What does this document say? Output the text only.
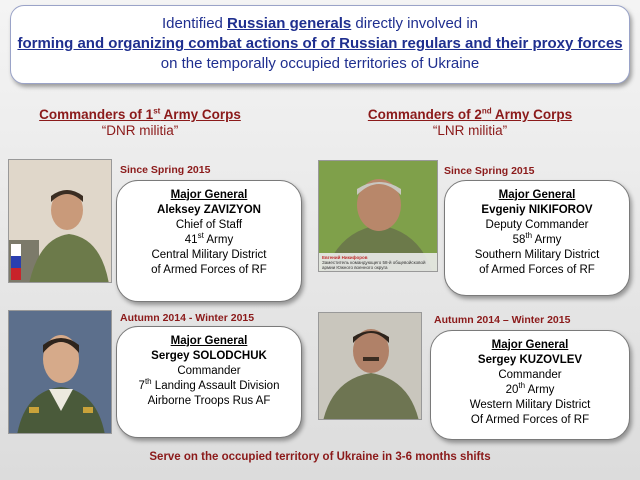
Identified Russian generals directly involved in
forming and organizing combat actions of of Russian regulars and their proxy forces on the temporally occupied territories of Ukraine
Commanders of 1st Army Corps
“DNR militia”
Commanders of 2nd Army Corps
“LNR militia”
Since Spring 2015
Major General
Aleksey ZAVIZYON
Chief of Staff
41st Army
Central Military District
of Armed Forces of RF
Autumn 2014 - Winter 2015
Major General
Sergey SOLODCHUK
Commander
7th Landing Assault Division
Airborne Troops Rus AF
Since Spring 2015
Евгений Никифоров
Заместитель командующего 58-й общевойсковой
армии Южного военного округа
Major General
Evgeniy NIKIFOROV
Deputy Commander
58th Army
Southern Military District
of Armed Forces of RF
Autumn 2014 – Winter 2015
Major General
Sergey KUZOVLEV
Commander
20th Army
Western Military District
Of Armed Forces of RF
Serve on the occupied territory of Ukraine in 3-6 months shifts
